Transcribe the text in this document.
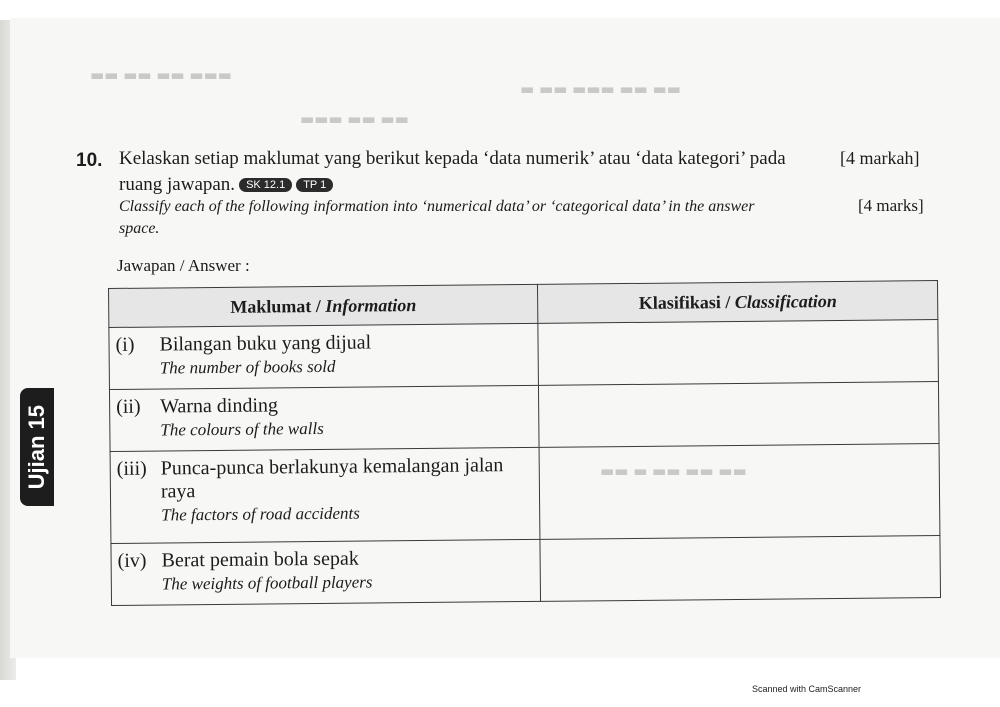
▬ ▬▬ ▬▬▬ ▬▬ ▬▬
▬▬ ▬▬ ▬▬ ▬▬▬
▬▬▬ ▬▬ ▬▬
▬▬ ▬ ▬▬ ▬▬ ▬▬
10. Kelaskan setiap maklumat yang berikut kepada ‘data numerik’ atau ‘data kategori’ pada
ruang jawapan. SK 12.1 TP 1
[4 markah]
Classify each of the following information into ‘numerical data’ or ‘categorical data’ in the answer
space.
Jawapan / Answer :
Maklumat / Information	Klasifikasi / Classification
(i) Bilangan buku yang dijual
The number of books sold	

(ii) Warna dinding
The colours of the walls	

(iii) Punca-punca berlakunya kemalangan jalan raya
The factors of road accidents	

(iv) Berat pemain bola sepak
The weights of football players	

Ujian 15
Scanned with CamScanner
